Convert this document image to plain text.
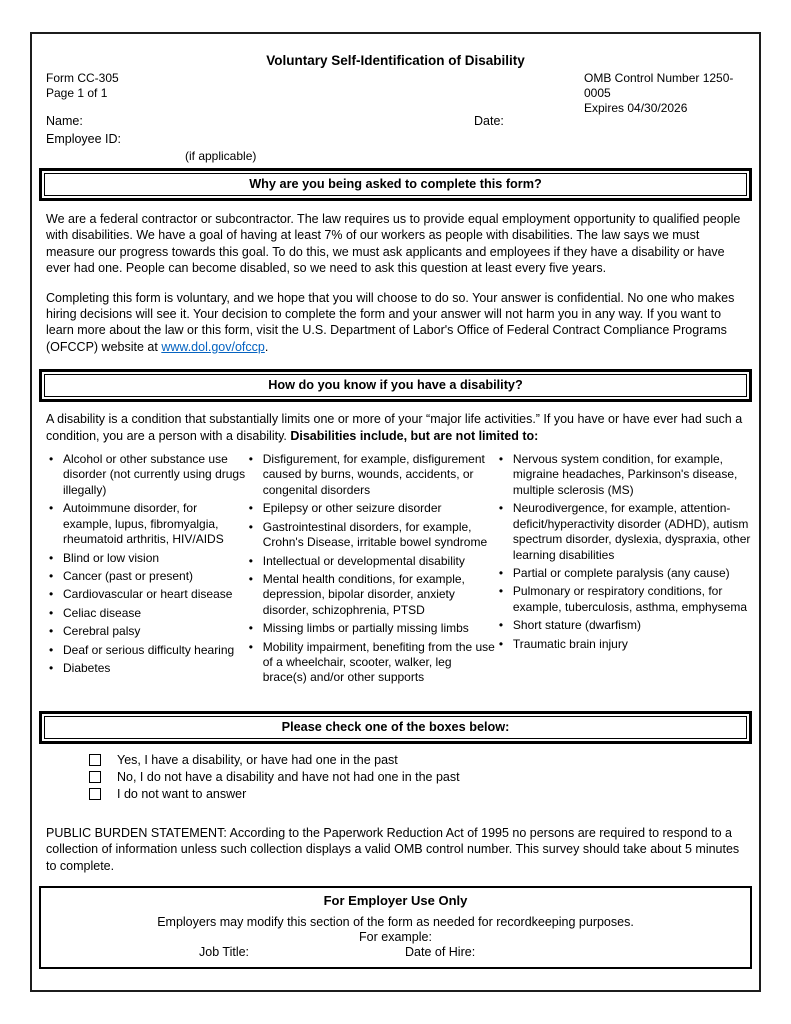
Voluntary Self-Identification of Disability
Form CC-305
Page 1 of 1
OMB Control Number 1250-0005
Expires 04/30/2026
Name:	Date:
Employee ID:
(if applicable)
Why are you being asked to complete this form?
We are a federal contractor or subcontractor. The law requires us to provide equal employment opportunity to qualified people with disabilities. We have a goal of having at least 7% of our workers as people with disabilities. The law says we must measure our progress towards this goal. To do this, we must ask applicants and employees if they have a disability or have ever had one. People can become disabled, so we need to ask this question at least every five years.
Completing this form is voluntary, and we hope that you will choose to do so. Your answer is confidential. No one who makes hiring decisions will see it. Your decision to complete the form and your answer will not harm you in any way. If you want to learn more about the law or this form, visit the U.S. Department of Labor's Office of Federal Contract Compliance Programs (OFCCP) website at www.dol.gov/ofccp.
How do you know if you have a disability?
A disability is a condition that substantially limits one or more of your “major life activities.” If you have or have ever had such a condition, you are a person with a disability. Disabilities include, but are not limited to:
• Alcohol or other substance use disorder (not currently using drugs illegally)
• Autoimmune disorder, for example, lupus, fibromyalgia, rheumatoid arthritis, HIV/AIDS
• Blind or low vision
• Cancer (past or present)
• Cardiovascular or heart disease
• Celiac disease
• Cerebral palsy
• Deaf or serious difficulty hearing
• Diabetes
• Disfigurement, for example, disfigurement caused by burns, wounds, accidents, or congenital disorders
• Epilepsy or other seizure disorder
• Gastrointestinal disorders, for example, Crohn's Disease, irritable bowel syndrome
• Intellectual or developmental disability
• Mental health conditions, for example, depression, bipolar disorder, anxiety disorder, schizophrenia, PTSD
• Missing limbs or partially missing limbs
• Mobility impairment, benefiting from the use of a wheelchair, scooter, walker, leg brace(s) and/or other supports
• Nervous system condition, for example, migraine headaches, Parkinson's disease, multiple sclerosis (MS)
• Neurodivergence, for example, attention-deficit/hyperactivity disorder (ADHD), autism spectrum disorder, dyslexia, dyspraxia, other learning disabilities
• Partial or complete paralysis (any cause)
• Pulmonary or respiratory conditions, for example, tuberculosis, asthma, emphysema
• Short stature (dwarfism)
• Traumatic brain injury
Please check one of the boxes below:
Yes, I have a disability, or have had one in the past
No, I do not have a disability and have not had one in the past
I do not want to answer
PUBLIC BURDEN STATEMENT: According to the Paperwork Reduction Act of 1995 no persons are required to respond to a collection of information unless such collection displays a valid OMB control number. This survey should take about 5 minutes to complete.
For Employer Use Only
Employers may modify this section of the form as needed for recordkeeping purposes.
For example:
Job Title:	Date of Hire:
